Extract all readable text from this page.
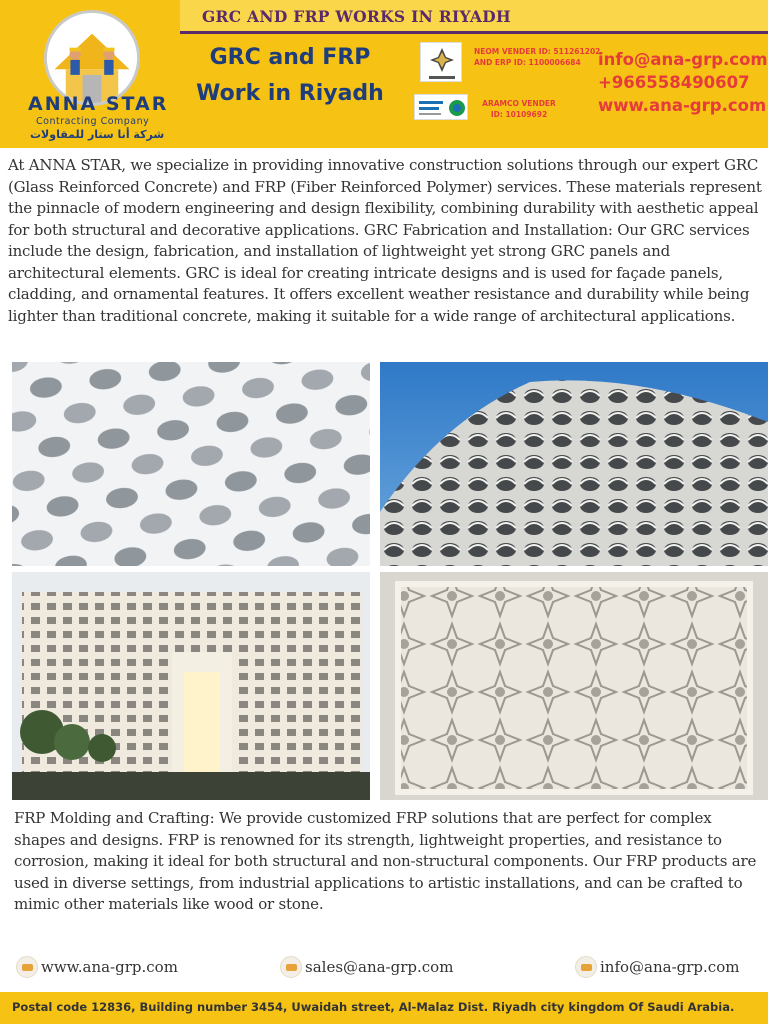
GRC AND FRP WORKS IN RIYADH
ANNA STAR
Contracting Company
شركة أنا ستار للمقاولات
GRC and FRP
Work in Riyadh
NEOM VENDER ID: 511261202
AND ERP ID: 1100006684
ARAMCO VENDER
ID: 10109692
info@ana-grp.com
+966558490607
www.ana-grp.com

At ANNA STAR, we specialize in providing innovative construction solutions through our expert GRC (Glass Reinforced Concrete) and FRP (Fiber Reinforced Polymer) services. These materials represent the pinnacle of modern engineering and design flexibility, combining durability with aesthetic appeal for both structural and decorative applications. GRC Fabrication and Installation: Our GRC services include the design, fabrication, and installation of lightweight yet strong GRC panels and architectural elements. GRC is ideal for creating intricate designs and is used for façade panels, cladding, and ornamental features. It offers excellent weather resistance and durability while being lighter than traditional concrete, making it suitable for a wide range of architectural applications.

FRP Molding and Crafting: We provide customized FRP solutions that are perfect for complex shapes and designs. FRP is renowned for its strength, lightweight properties, and resistance to corrosion, making it ideal for both structural and non-structural components. Our FRP products are used in diverse settings, from industrial applications to artistic installations, and can be crafted to mimic other materials like wood or stone.

www.ana-grp.com	sales@ana-grp.com	info@ana-grp.com
Postal code 12836, Building number 3454, Uwaidah street, Al-Malaz Dist. Riyadh city kingdom Of Saudi Arabia.
